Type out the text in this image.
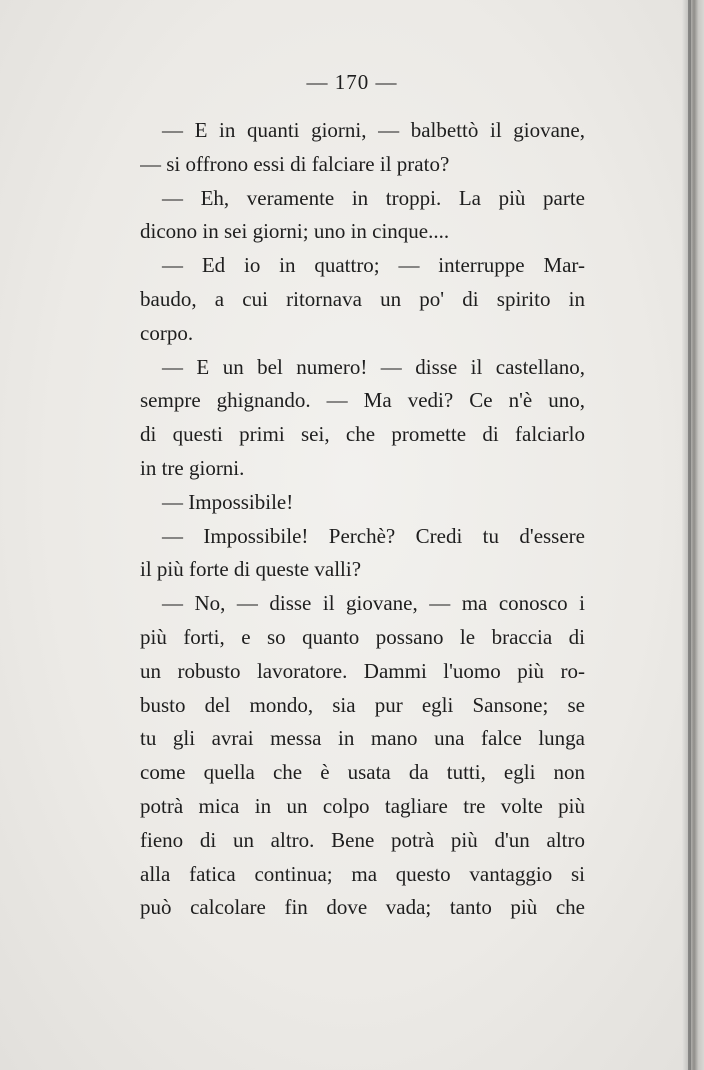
— 170 —
— E in quanti giorni, — balbettò il giovane,
— si offrono essi di falciare il prato?
— Eh, veramente in troppi. La più parte
dicono in sei giorni; uno in cinque....
— Ed io in quattro; — interruppe Mar-
baudo, a cui ritornava un po' di spirito in
corpo.
— E un bel numero! — disse il castellano,
sempre ghignando. — Ma vedi? Ce n'è uno,
di questi primi sei, che promette di falciarlo
in tre giorni.
— Impossibile!
— Impossibile! Perchè? Credi tu d'essere
il più forte di queste valli?
— No, — disse il giovane, — ma conosco i
più forti, e so quanto possano le braccia di
un robusto lavoratore. Dammi l'uomo più ro-
busto del mondo, sia pur egli Sansone; se
tu gli avrai messa in mano una falce lunga
come quella che è usata da tutti, egli non
potrà mica in un colpo tagliare tre volte più
fieno di un altro. Bene potrà più d'un altro
alla fatica continua; ma questo vantaggio si
può calcolare fin dove vada; tanto più che
